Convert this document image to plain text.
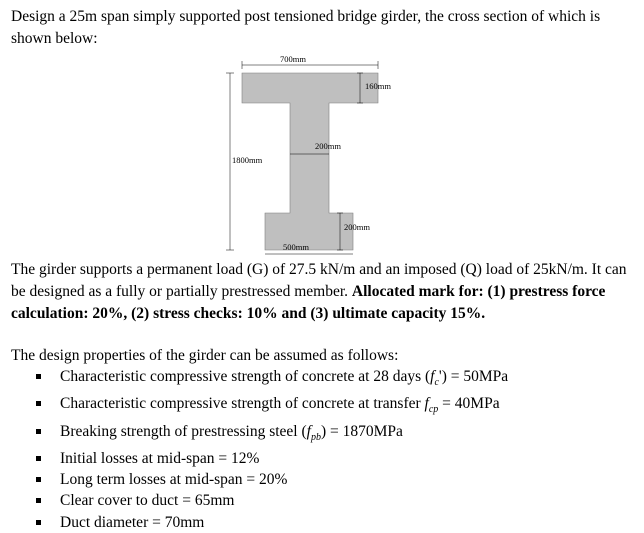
Design a 25m span simply supported post tensioned bridge girder, the cross section of which is shown below:

700mm
160mm
200mm
1800mm
200mm
500mm

The girder supports a permanent load (G) of 27.5 kN/m and an imposed (Q) load of 25kN/m. It can be designed as a fully or partially prestressed member. Allocated mark for: (1) prestress force calculation: 20%, (2) stress checks: 10% and (3) ultimate capacity 15%.

The design properties of the girder can be assumed as follows:

Characteristic compressive strength of concrete at 28 days $(f_c') = 50MPa$
Characteristic compressive strength of concrete at transfer $f_{cp} = 40MPa$
Breaking strength of prestressing steel $(f_{pb}) = 1870MPa$
Initial losses at mid-span = 12%
Long term losses at mid-span = 20%
Clear cover to duct = 65mm
Duct diameter = 70mm
